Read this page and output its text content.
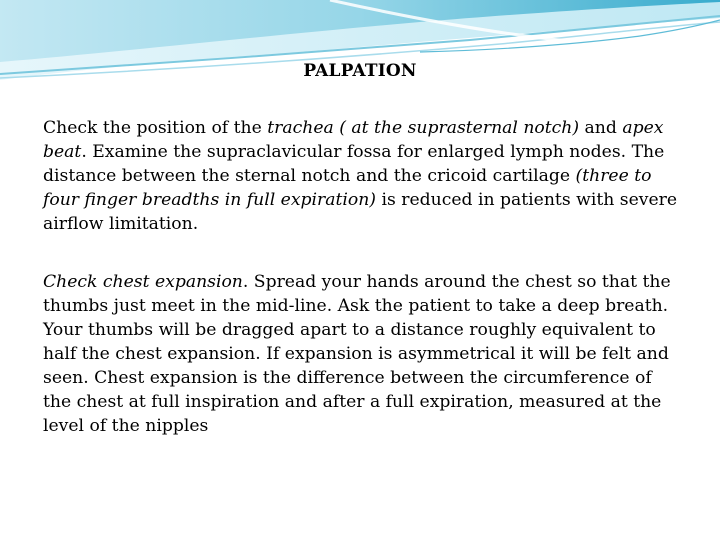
PALPATION

Check the position of the trachea ( at the suprasternal notch) and apex beat. Examine the supraclavicular fossa for enlarged lymph nodes. The distance between the sternal notch and the cricoid cartilage (three to four finger breadths in full expiration) is reduced in patients with severe airflow limitation.

Check chest expansion. Spread your hands around the chest so that the thumbs just meet in the mid-line. Ask the patient to take a deep breath. Your thumbs will be dragged apart to a distance roughly equivalent to half the chest expansion. If expansion is asymmetrical it will be felt and seen. Chest expansion is the difference between the circumference of the chest at full inspiration and after a full expiration, measured at the level of the nipples
